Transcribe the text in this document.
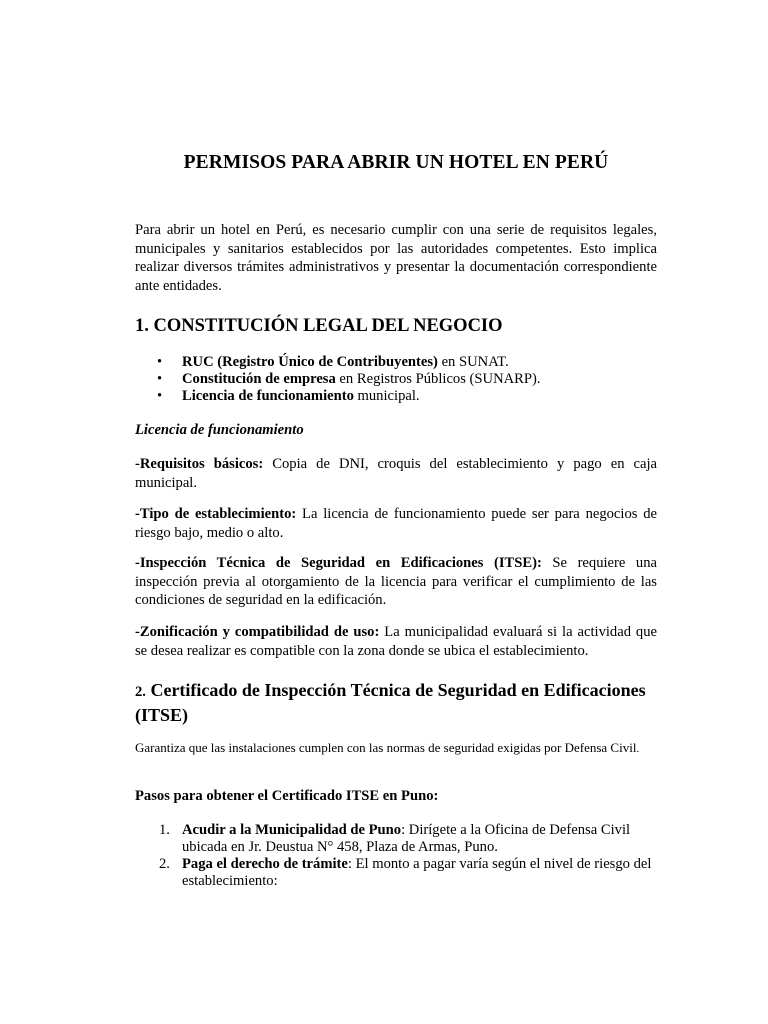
PERMISOS PARA ABRIR UN HOTEL EN PERÚ
Para abrir un hotel en Perú, es necesario cumplir con una serie de requisitos legales, municipales y sanitarios establecidos por las autoridades competentes. Esto implica realizar diversos trámites administrativos y presentar la documentación correspondiente ante entidades.
1. CONSTITUCIÓN LEGAL DEL NEGOCIO
• RUC (Registro Único de Contribuyentes) en SUNAT.
• Constitución de empresa en Registros Públicos (SUNARP).
• Licencia de funcionamiento municipal.
Licencia de funcionamiento
-Requisitos básicos: Copia de DNI, croquis del establecimiento y pago en caja municipal.
-Tipo de establecimiento: La licencia de funcionamiento puede ser para negocios de riesgo bajo, medio o alto.
-Inspección Técnica de Seguridad en Edificaciones (ITSE): Se requiere una inspección previa al otorgamiento de la licencia para verificar el cumplimiento de las condiciones de seguridad en la edificación.
-Zonificación y compatibilidad de uso: La municipalidad evaluará si la actividad que se desea realizar es compatible con la zona donde se ubica el establecimiento.
2. Certificado de Inspección Técnica de Seguridad en Edificaciones (ITSE)
Garantiza que las instalaciones cumplen con las normas de seguridad exigidas por Defensa Civil.
Pasos para obtener el Certificado ITSE en Puno:
1. Acudir a la Municipalidad de Puno: Dirígete a la Oficina de Defensa Civil ubicada en Jr. Deustua N° 458, Plaza de Armas, Puno.
2. Paga el derecho de trámite: El monto a pagar varía según el nivel de riesgo del establecimiento:
